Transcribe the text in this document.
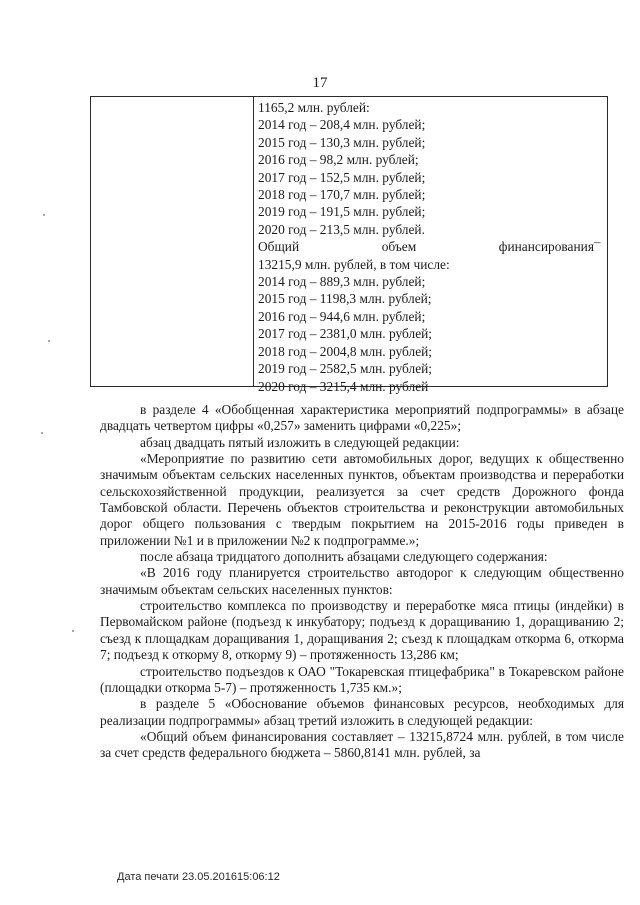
17
1165,2 млн. рублей:
2014 год – 208,4 млн. рублей;
2015 год – 130,3 млн. рублей;
2016 год – 98,2 млн. рублей;
2017 год – 152,5 млн. рублей;
2018 год – 170,7 млн. рублей;
2019 год – 191,5 млн. рублей;
2020 год – 213,5 млн. рублей.
Общий	объем	финансирования
13215,9 млн. рублей, в том числе:
2014 год – 889,3 млн. рублей;
2015 год – 1198,3 млн. рублей;
2016 год – 944,6 млн. рублей;
2017 год – 2381,0 млн. рублей;
2018 год – 2004,8 млн. рублей;
2019 год – 2582,5 млн. рублей;
2020 год – 3215,4 млн. рублей
–

в разделе 4 «Обобщенная характеристика мероприятий подпрограммы» в абзаце двадцать четвертом цифры «0,257» заменить цифрами «0,225»;

абзац двадцать пятый изложить в следующей редакции:

«Мероприятие по развитию сети автомобильных дорог, ведущих к общественно значимым объектам сельских населенных пунктов, объектам производства и переработки сельскохозяйственной продукции, реализуется за счет средств Дорожного фонда Тамбовской области. Перечень объектов строительства и реконструкции автомобильных дорог общего пользования с твердым покрытием на 2015-2016 годы приведен в приложении №1 и в приложении №2 к подпрограмме.»;

после абзаца тридцатого дополнить абзацами следующего содержания:

«В 2016 году планируется строительство автодорог к следующим общественно значимым объектам сельских населенных пунктов:

строительство комплекса по производству и переработке мяса птицы (индейки) в Первомайском районе (подъезд к инкубатору; подъезд к доращиванию 1, доращиванию 2; съезд к площадкам доращивания 1, доращивания 2; съезд к площадкам откорма 6, откорма 7; подъезд к откорму 8, откорму 9) – протяженность 13,286 км;

строительство подъездов к ОАО "Токаревская птицефабрика" в Токаревском районе (площадки откорма 5-7) – протяженность 1,735 км.»;

в разделе 5 «Обоснование объемов финансовых ресурсов, необходимых для реализации подпрограммы» абзац третий изложить в следующей редакции:

«Общий объем финансирования составляет – 13215,8724 млн. рублей, в том числе за счет средств федерального бюджета – 5860,8141 млн. рублей, за

Дата печати 23.05.201615:06:12
